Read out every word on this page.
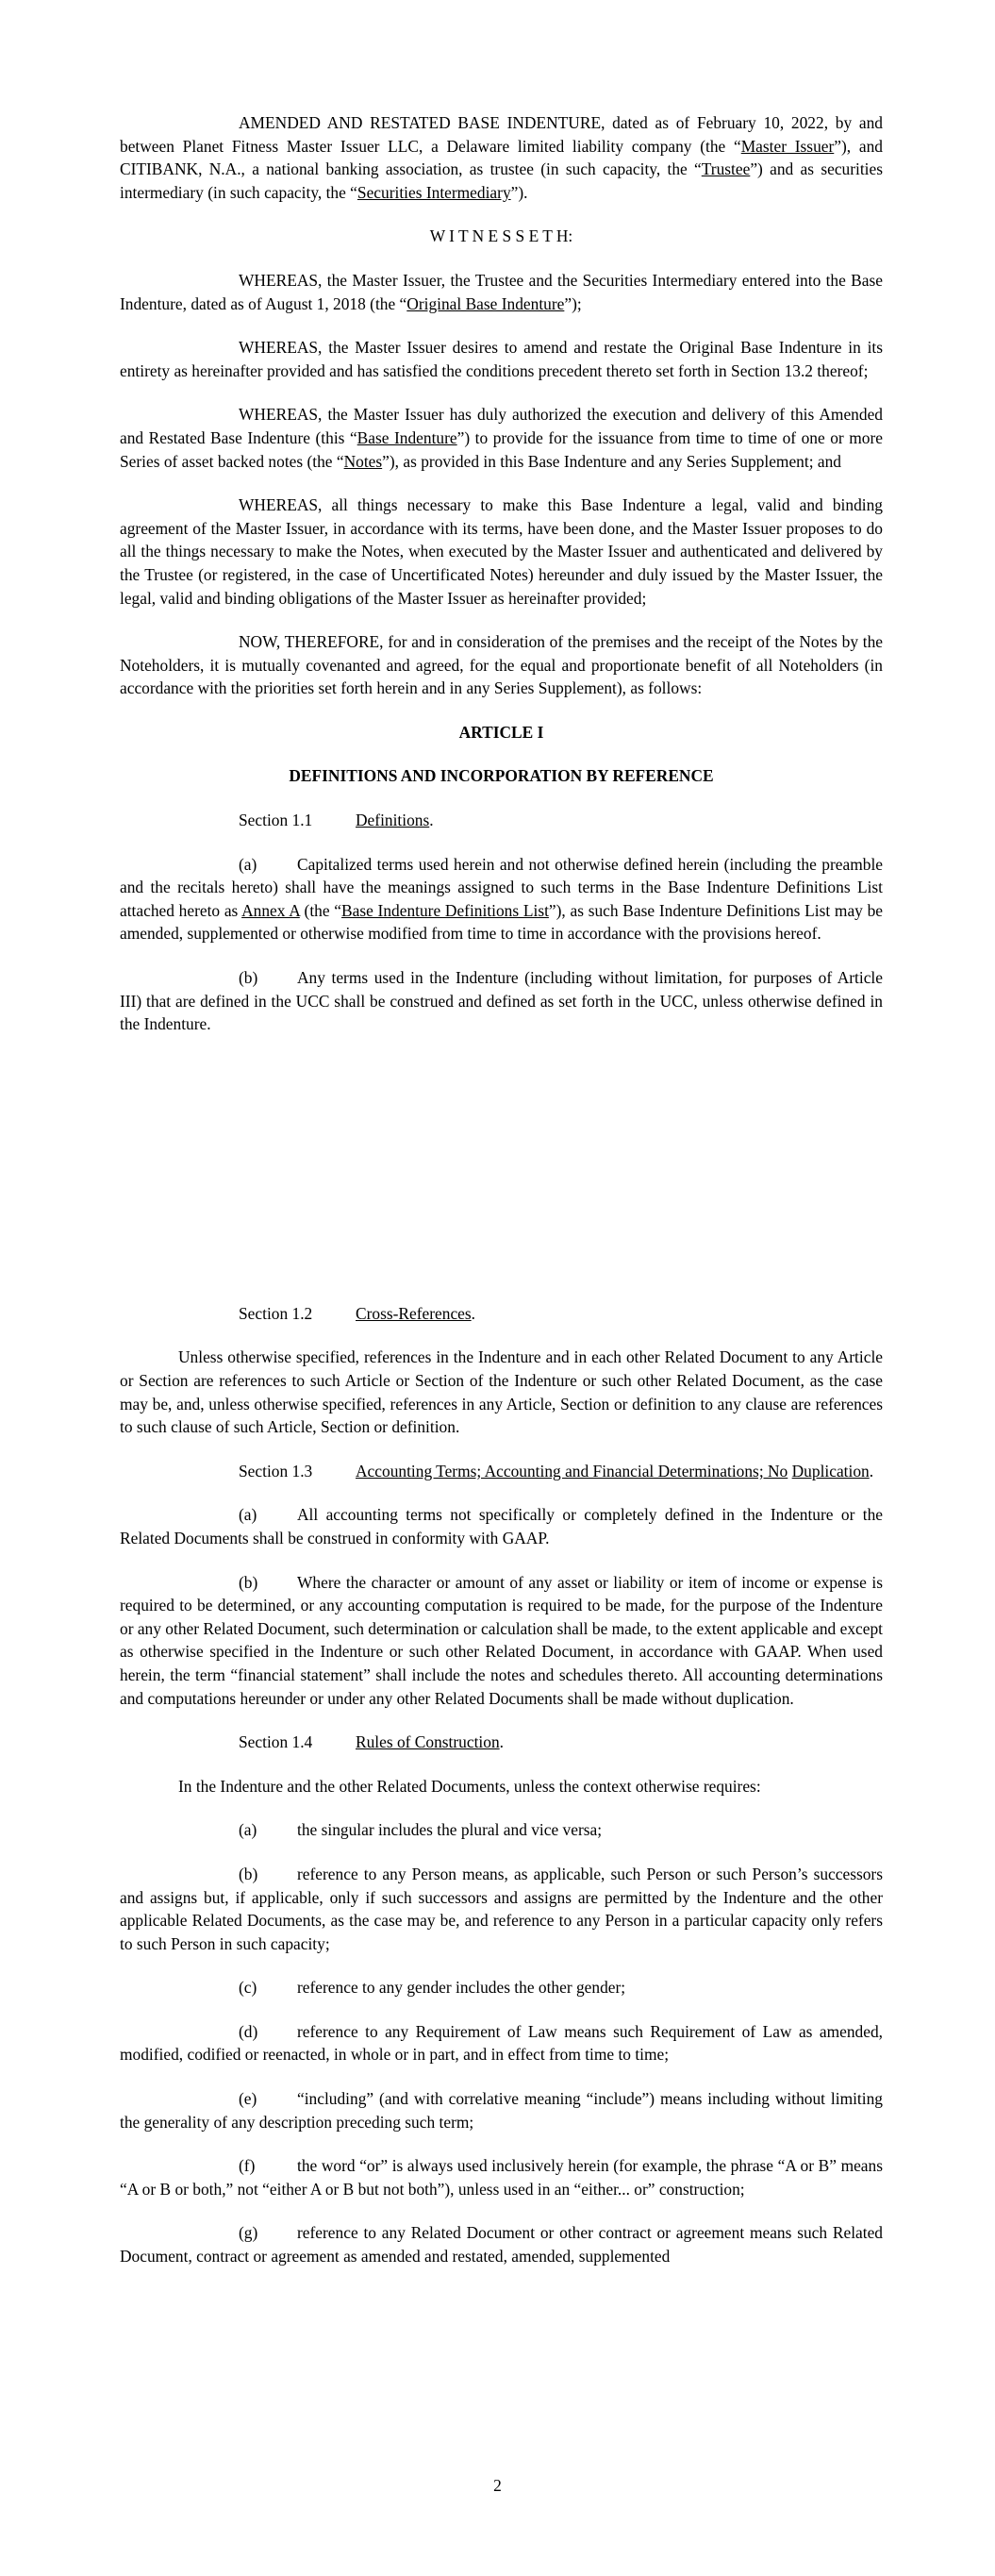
AMENDED AND RESTATED BASE INDENTURE, dated as of February 10, 2022, by and between Planet Fitness Master Issuer LLC, a Delaware limited liability company (the “Master Issuer”), and CITIBANK, N.A., a national banking association, as trustee (in such capacity, the “Trustee”) and as securities intermediary (in such capacity, the “Securities Intermediary”).

W I T N E S S E T H:

WHEREAS, the Master Issuer, the Trustee and the Securities Intermediary entered into the Base Indenture, dated as of August 1, 2018 (the “Original Base Indenture”);

WHEREAS, the Master Issuer desires to amend and restate the Original Base Indenture in its entirety as hereinafter provided and has satisfied the conditions precedent thereto set forth in Section 13.2 thereof;

WHEREAS, the Master Issuer has duly authorized the execution and delivery of this Amended and Restated Base Indenture (this “Base Indenture”) to provide for the issuance from time to time of one or more Series of asset backed notes (the “Notes”), as provided in this Base Indenture and any Series Supplement; and

WHEREAS, all things necessary to make this Base Indenture a legal, valid and binding agreement of the Master Issuer, in accordance with its terms, have been done, and the Master Issuer proposes to do all the things necessary to make the Notes, when executed by the Master Issuer and authenticated and delivered by the Trustee (or registered, in the case of Uncertificated Notes) hereunder and duly issued by the Master Issuer, the legal, valid and binding obligations of the Master Issuer as hereinafter provided;

NOW, THEREFORE, for and in consideration of the premises and the receipt of the Notes by the Noteholders, it is mutually covenanted and agreed, for the equal and proportionate benefit of all Noteholders (in accordance with the priorities set forth herein and in any Series Supplement), as follows:

ARTICLE I

DEFINITIONS AND INCORPORATION BY REFERENCE

Section 1.1	Definitions.

(a) Capitalized terms used herein and not otherwise defined herein (including the preamble and the recitals hereto) shall have the meanings assigned to such terms in the Base Indenture Definitions List attached hereto as Annex A (the “Base Indenture Definitions List”), as such Base Indenture Definitions List may be amended, supplemented or otherwise modified from time to time in accordance with the provisions hereof.

(b) Any terms used in the Indenture (including without limitation, for purposes of Article III) that are defined in the UCC shall be construed and defined as set forth in the UCC, unless otherwise defined in the Indenture.

Section 1.2	Cross-References.

Unless otherwise specified, references in the Indenture and in each other Related Document to any Article or Section are references to such Article or Section of the Indenture or such other Related Document, as the case may be, and, unless otherwise specified, references in any Article, Section or definition to any clause are references to such clause of such Article, Section or definition.

Section 1.3	Accounting Terms; Accounting and Financial Determinations; No Duplication.

(a) All accounting terms not specifically or completely defined in the Indenture or the Related Documents shall be construed in conformity with GAAP.

(b) Where the character or amount of any asset or liability or item of income or expense is required to be determined, or any accounting computation is required to be made, for the purpose of the Indenture or any other Related Document, such determination or calculation shall be made, to the extent applicable and except as otherwise specified in the Indenture or such other Related Document, in accordance with GAAP. When used herein, the term “financial statement” shall include the notes and schedules thereto. All accounting determinations and computations hereunder or under any other Related Documents shall be made without duplication.

Section 1.4	Rules of Construction.

In the Indenture and the other Related Documents, unless the context otherwise requires:

(a) the singular includes the plural and vice versa;

(b) reference to any Person means, as applicable, such Person or such Person’s successors and assigns but, if applicable, only if such successors and assigns are permitted by the Indenture and the other applicable Related Documents, as the case may be, and reference to any Person in a particular capacity only refers to such Person in such capacity;

(c) reference to any gender includes the other gender;

(d) reference to any Requirement of Law means such Requirement of Law as amended, modified, codified or reenacted, in whole or in part, and in effect from time to time;

(e) “including” (and with correlative meaning “include”) means including without limiting the generality of any description preceding such term;

(f)	the word “or” is always used inclusively herein (for example, the phrase “A or B” means “A or B or both,” not “either A or B but not both”), unless used in an “either... or” construction;

(g) reference to any Related Document or other contract or agreement means such Related Document, contract or agreement as amended and restated, amended, supplemented

2
